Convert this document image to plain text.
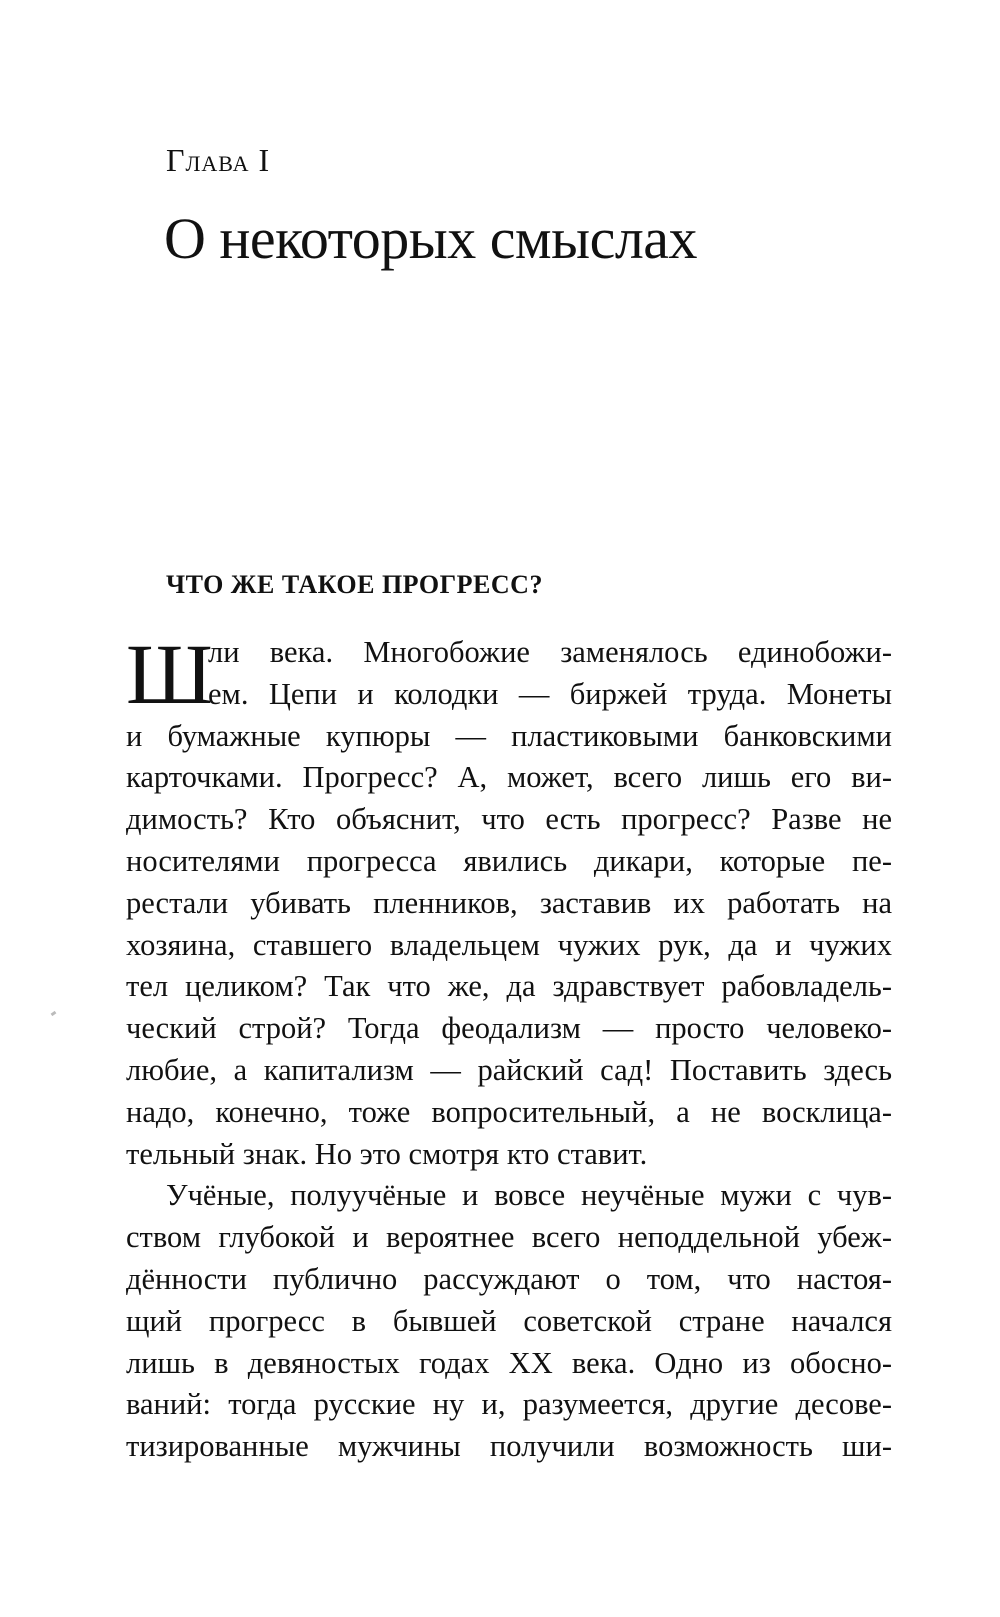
Глава I
О некоторых смыслах
ЧТО ЖЕ ТАКОЕ ПРОГРЕСС?
Ш
ли века. Многобожие заменялось единобожи-
ем. Цепи и колодки — биржей труда. Монеты
и бумажные купюры — пластиковыми банковскими
карточками. Прогресс? А, может, всего лишь его ви-
димость? Кто объяснит, что есть прогресс? Разве не
носителями прогресса явились дикари, которые пе-
рестали убивать пленников, заставив их работать на
хозяина, ставшего владельцем чужих рук, да и чужих
тел целиком? Так что же, да здравствует рабовладель-
ческий строй? Тогда феодализм — просто человеко-
любие, а капитализм — райский сад! Поставить здесь
надо, конечно, тоже вопросительный, а не восклица-
тельный знак. Но это смотря кто ставит.
Учёные, полуучёные и вовсе неучёные мужи с чув-
ством глубокой и вероятнее всего неподдельной убеж-
дённости публично рассуждают о том, что настоя-
щий прогресс в бывшей советской стране начался
лишь в девяностых годах XX века. Одно из обосно-
ваний: тогда русские ну и, разумеется, другие десове-
тизированные мужчины получили возможность ши-
